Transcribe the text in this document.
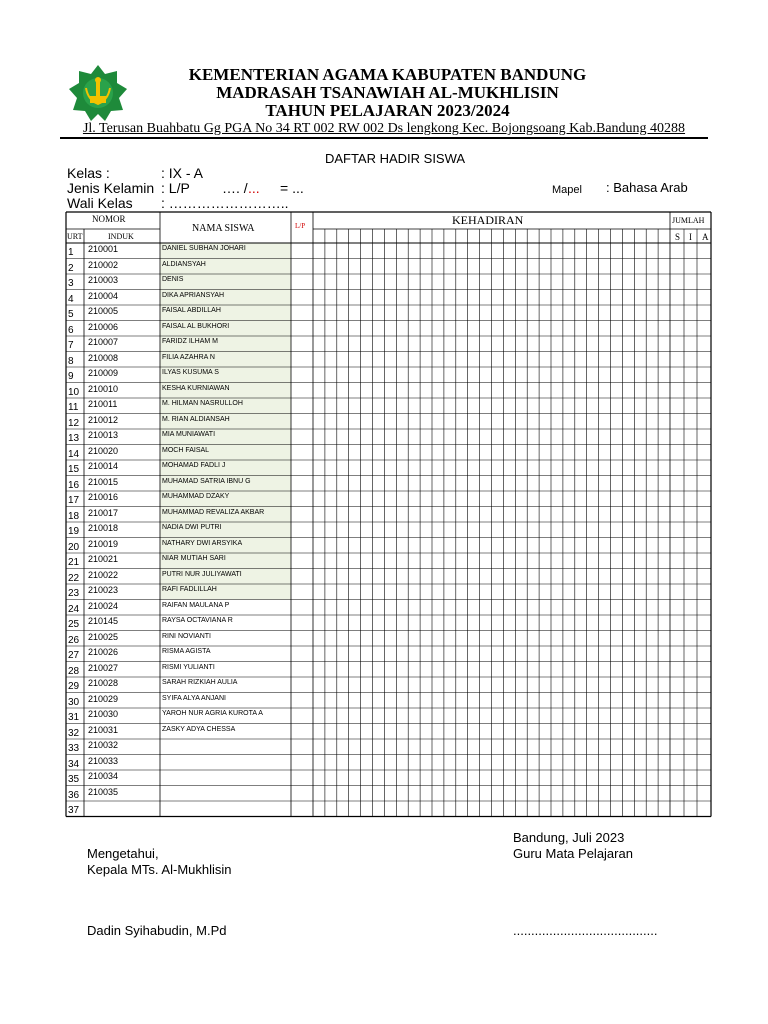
KEMENTERIAN AGAMA KABUPATEN BANDUNG
MADRASAH TSANAWIAH AL-MUKHLISIN
TAHUN PELAJARAN 2023/2024
Jl. Terusan Buahbatu Gg PGA No 34 RT 002 RW 002 Ds lengkong Kec. Bojongsoang Kab.Bandung 40288
DAFTAR HADIR SISWA
Kelas :	: IX - A
Jenis Kelamin : L/P …. / ... = ...
Wali Kelas : ……………………..
Mapel : Bahasa Arab
NOMOR
URT	INDUK
NAMA SISWA	L/P	KEHADIRAN	JUMLAH
S I A
1 210001	DANIEL SUBHAN JOHARI
2 210002	ALDIANSYAH
3 210003	DENIS
4 210004	DIKA APRIANSYAH
5 210005	FAISAL ABDILLAH
6 210006	FAISAL AL BUKHORI
7 210007	FARIDZ ILHAM M
8 210008	FILIA AZAHRA N
9 210009	ILYAS KUSUMA S
10 210010	KESHA KURNIAWAN
11 210011	M. HILMAN NASRULLOH
12 210012	M. RIAN ALDIANSAH
13 210013	MIA MUNIAWATI
14 210020	MOCH FAISAL
15 210014	MOHAMAD FADLI J
16 210015	MUHAMAD SATRIA IBNU G
17 210016	MUHAMMAD DZAKY
18 210017	MUHAMMAD REVALIZA AKBAR
19 210018	NADIA DWI PUTRI
20 210019	NATHARY DWI ARSYIKA
21 210021	NIAR MUTIAH SARI
22 210022	PUTRI NUR JULIYAWATI
23 210023	RAFI FADLILLAH
24 210024	RAIFAN MAULANA P
25 210145	RAYSA OCTAVIANA R
26 210025	RINI NOVIANTI
27 210026	RISMA AGISTA
28 210027	RISMI YULIANTI
29 210028	SARAH RIZKIAH AULIA
30 210029	SYIFA ALYA ANJANI
31 210030	YAROH NUR AGRIA KUROTA A
32 210031	ZASKY ADYA CHESSA
33 210032
34 210033
35 210034
36 210035
37
Bandung, Juli 2023
Guru Mata Pelajaran
Mengetahui,
Kepala MTs. Al-Mukhlisin
Dadin Syihabudin, M.Pd	........................................
